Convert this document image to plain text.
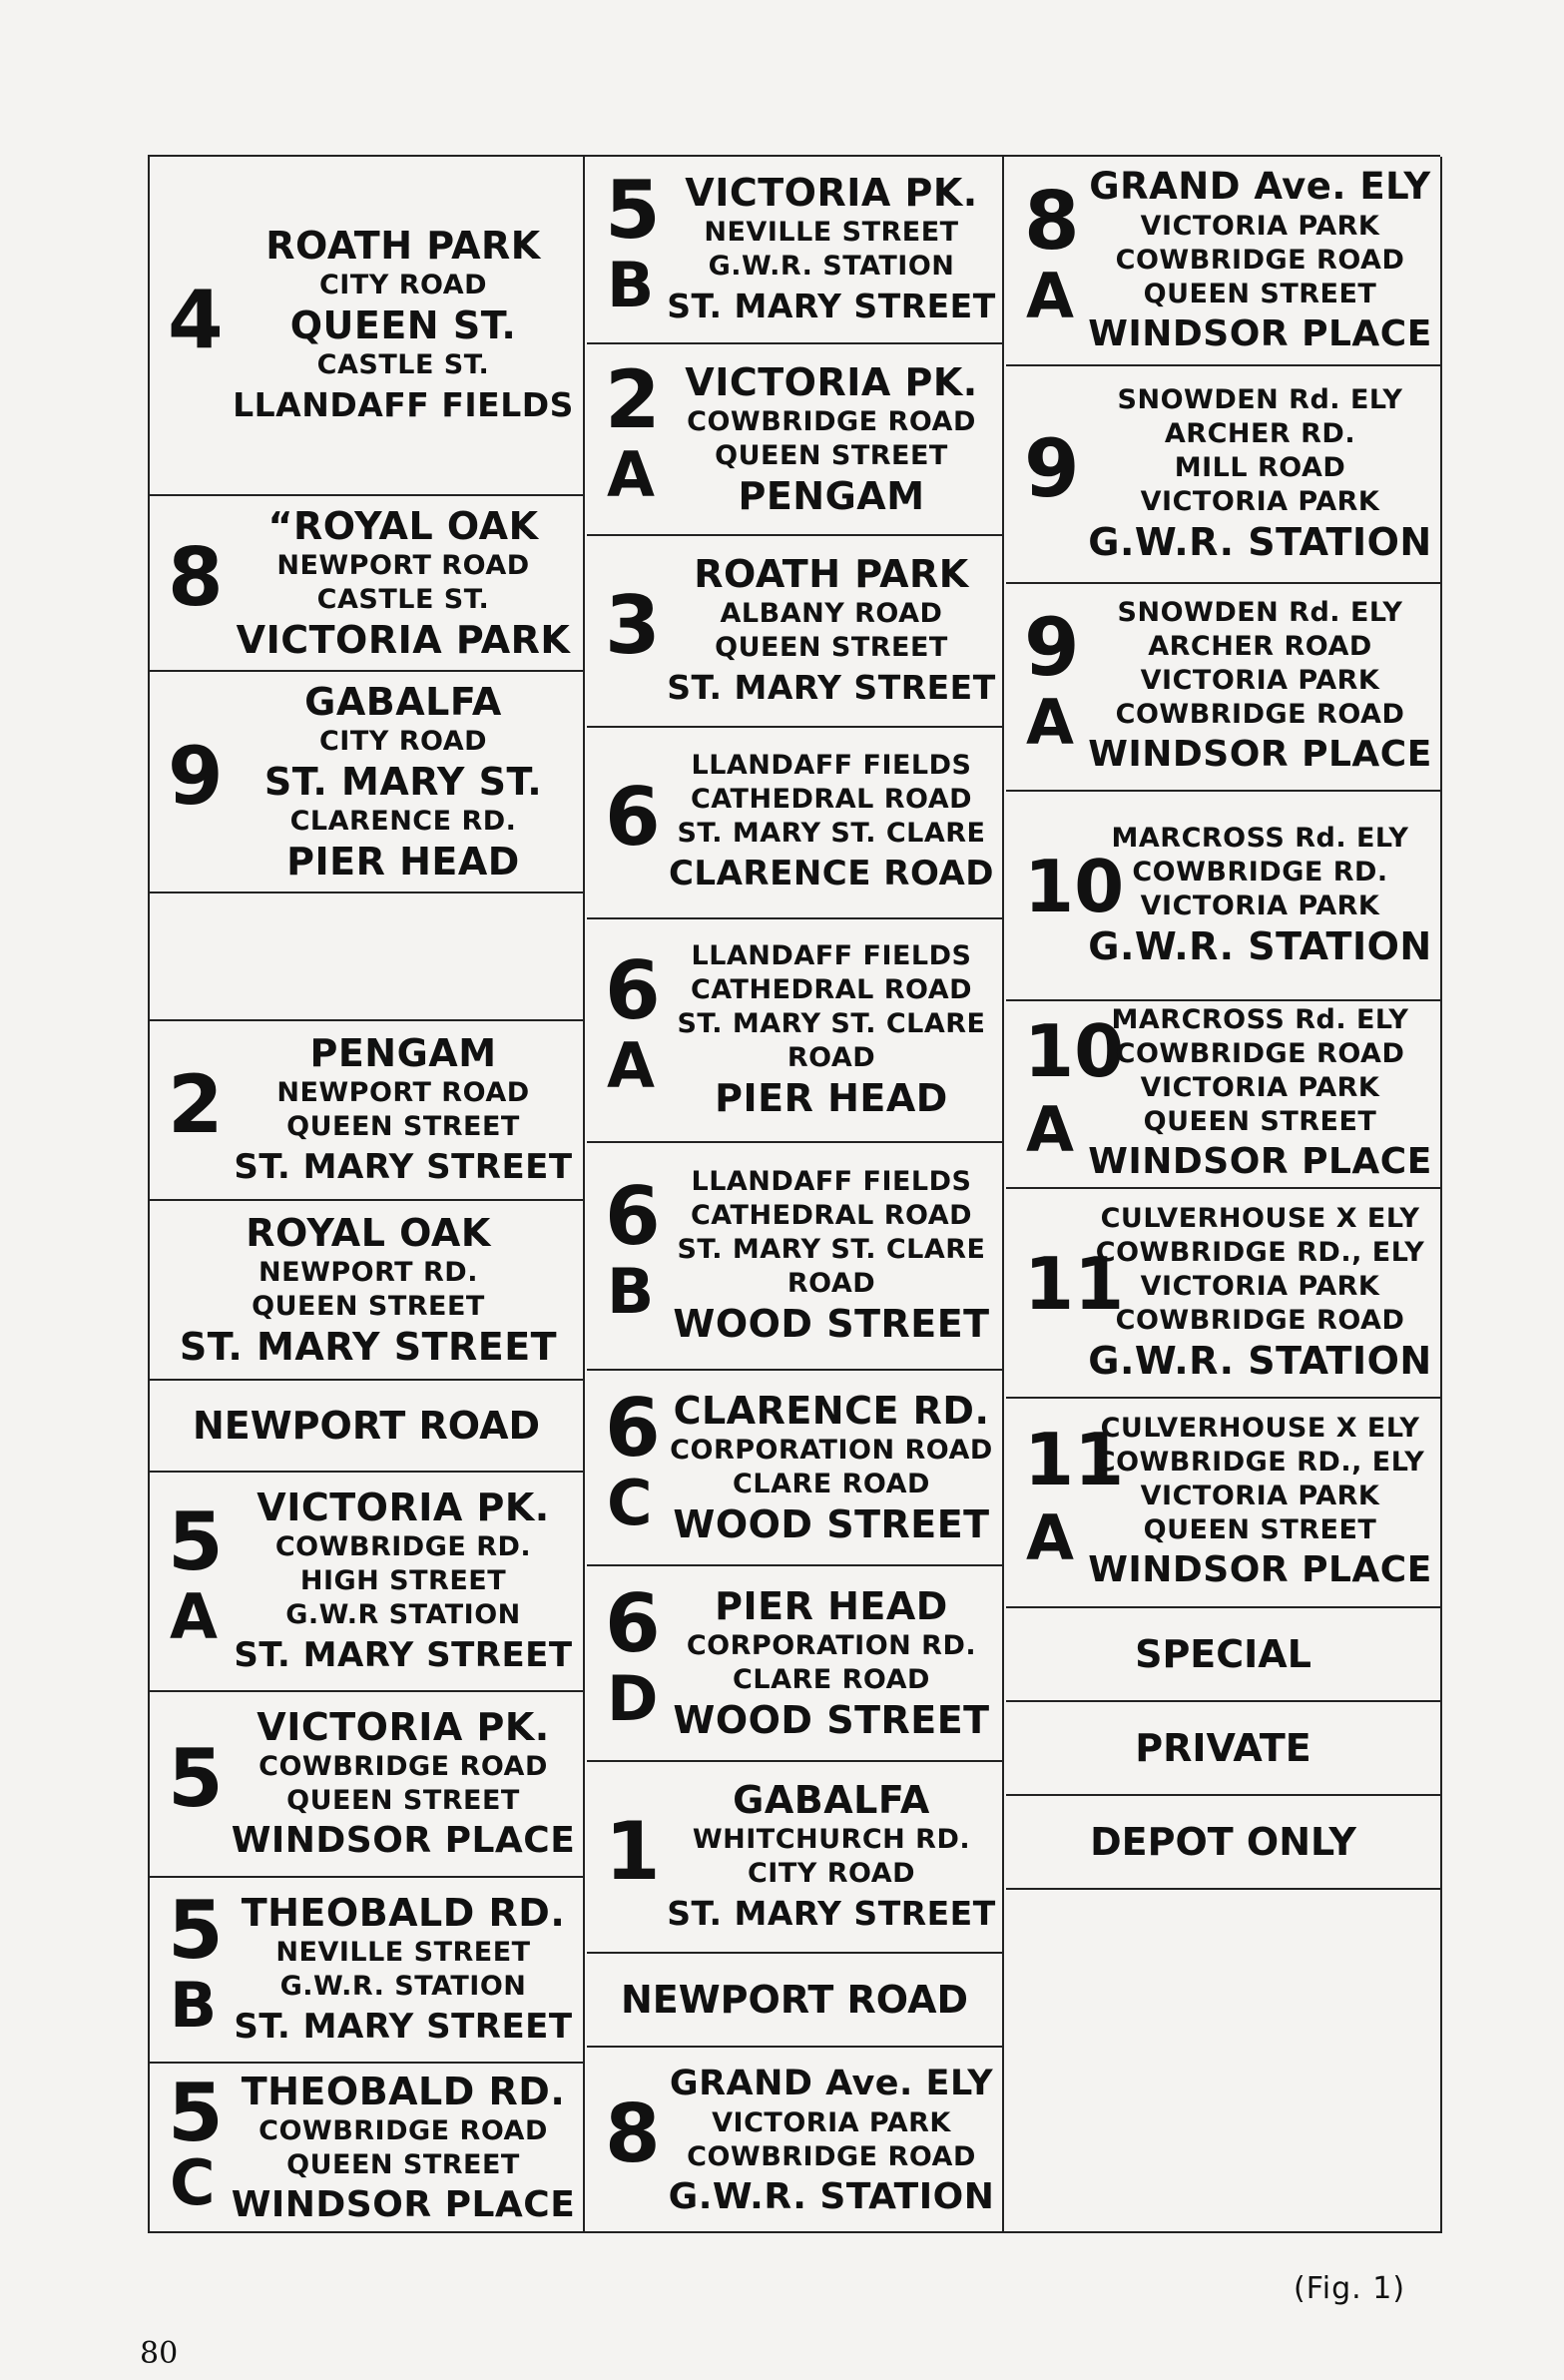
4
ROATH PARK
CITY ROAD
QUEEN ST.
CASTLE ST.
LLANDAFF FIELDS
8
“ROYAL OAK
NEWPORT ROAD
CASTLE ST.
VICTORIA PARK
9
GABALFA
CITY ROAD
ST. MARY ST.
CLARENCE RD.
PIER HEAD
2
PENGAM
NEWPORT ROAD
QUEEN STREET
ST. MARY STREET
ROYAL OAK
NEWPORT RD.
QUEEN STREET
ST. MARY STREET
NEWPORT ROAD
5
A
VICTORIA PK.
COWBRIDGE RD.
HIGH STREET
G.W.R STATION
ST. MARY STREET
5
VICTORIA PK.
COWBRIDGE ROAD
QUEEN STREET
WINDSOR PLACE
5
B
THEOBALD RD.
NEVILLE STREET
G.W.R. STATION
ST. MARY STREET
5
C
THEOBALD RD.
COWBRIDGE ROAD
QUEEN STREET
WINDSOR PLACE
5
B
VICTORIA PK.
NEVILLE STREET
G.W.R. STATION
ST. MARY STREET
2
A
VICTORIA PK.
COWBRIDGE ROAD
QUEEN STREET
PENGAM
3
ROATH PARK
ALBANY ROAD
QUEEN STREET
ST. MARY STREET
6
LLANDAFF FIELDS
CATHEDRAL ROAD
ST. MARY ST. CLARE
CLARENCE ROAD
6
A
LLANDAFF FIELDS
CATHEDRAL ROAD
ST. MARY ST. CLARE
ROAD
PIER HEAD
6
B
LLANDAFF FIELDS
CATHEDRAL ROAD
ST. MARY ST. CLARE
ROAD
WOOD STREET
6
C
CLARENCE RD.
CORPORATION ROAD
CLARE ROAD
WOOD STREET
6
D
PIER HEAD
CORPORATION RD.
CLARE ROAD
WOOD STREET
1
GABALFA
WHITCHURCH RD.
CITY ROAD
ST. MARY STREET
NEWPORT ROAD
8
GRAND Ave. ELY
VICTORIA PARK
COWBRIDGE ROAD
G.W.R. STATION
8
A
GRAND Ave. ELY
VICTORIA PARK
COWBRIDGE ROAD
QUEEN STREET
WINDSOR PLACE
9
SNOWDEN Rd. ELY
ARCHER RD.
MILL ROAD
VICTORIA PARK
G.W.R. STATION
9
A
SNOWDEN Rd. ELY
ARCHER ROAD
VICTORIA PARK
COWBRIDGE ROAD
WINDSOR PLACE
10
MARCROSS Rd. ELY
COWBRIDGE RD.
VICTORIA PARK
G.W.R. STATION
10
A
MARCROSS Rd. ELY
COWBRIDGE ROAD
VICTORIA PARK
QUEEN STREET
WINDSOR PLACE
11
CULVERHOUSE X ELY
COWBRIDGE RD., ELY
VICTORIA PARK
COWBRIDGE ROAD
G.W.R. STATION
11
A
CULVERHOUSE X ELY
COWBRIDGE RD., ELY
VICTORIA PARK
QUEEN STREET
WINDSOR PLACE
SPECIAL
PRIVATE
DEPOT ONLY
(Fig. 1)
80
